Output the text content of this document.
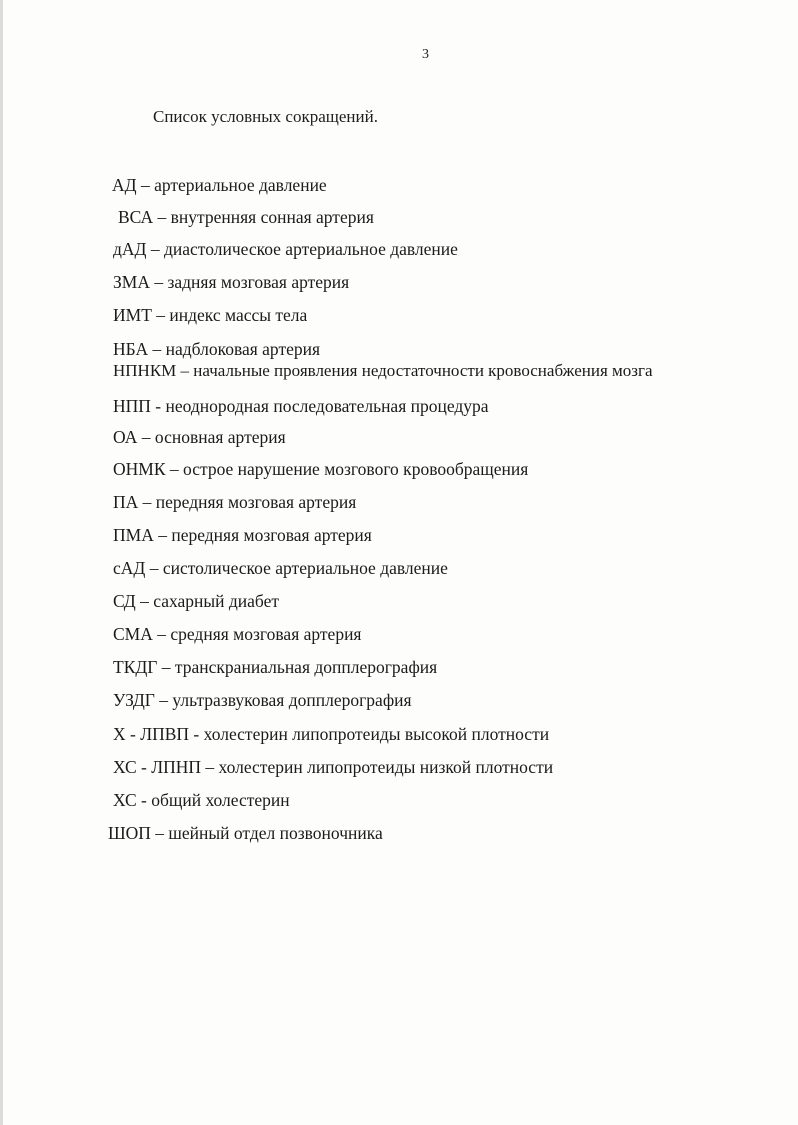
3
Список условных сокращений.
АД – артериальное давление
ВСА – внутренняя сонная артерия
дАД – диастолическое артериальное давление
ЗМА – задняя мозговая артерия
ИМТ – индекс массы тела
НБА – надблоковая артерия
НПНКМ – начальные проявления недостаточности кровоснабжения мозга
НПП - неоднородная последовательная процедура
ОА – основная артерия
ОНМК – острое нарушение мозгового кровообращения
ПА – передняя мозговая артерия
ПМА – передняя мозговая артерия
сАД – систолическое артериальное давление
СД – сахарный диабет
СМА – средняя мозговая артерия
ТКДГ – транскраниальная допплерография
УЗДГ – ультразвуковая допплерография
Х - ЛПВП - холестерин липопротеиды высокой плотности
ХС - ЛПНП – холестерин липопротеиды низкой плотности
ХС - общий холестерин
ШОП – шейный отдел позвоночника
